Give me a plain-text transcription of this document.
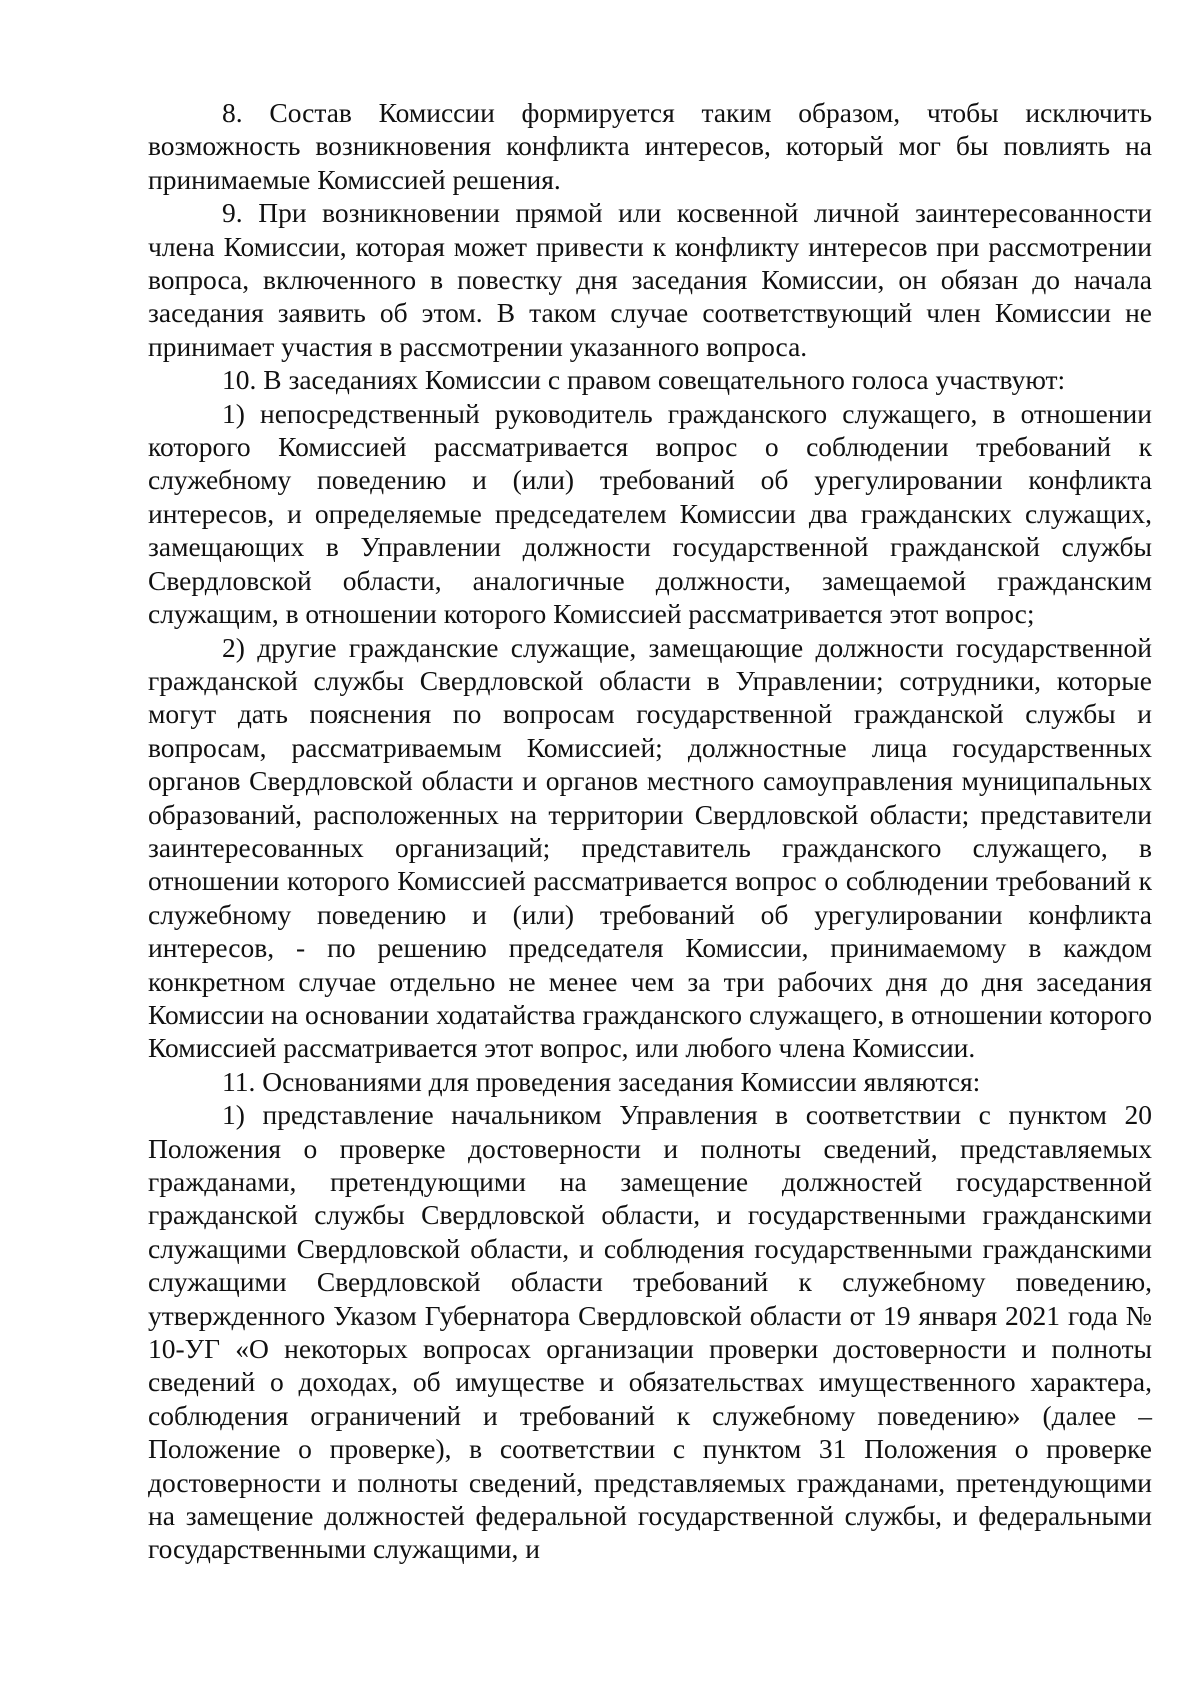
8. Состав Комиссии формируется таким образом, чтобы исключить возможность возникновения конфликта интересов, который мог бы повлиять на принимаемые Комиссией решения.

9. При возникновении прямой или косвенной личной заинтересованности члена Комиссии, которая может привести к конфликту интересов при рассмотрении вопроса, включенного в повестку дня заседания Комиссии, он обязан до начала заседания заявить об этом. В таком случае соответствующий член Комиссии не принимает участия в рассмотрении указанного вопроса.

10. В заседаниях Комиссии с правом совещательного голоса участвуют:

1) непосредственный руководитель гражданского служащего, в отношении которого Комиссией рассматривается вопрос о соблюдении требований к служебному поведению и (или) требований об урегулировании конфликта интересов, и определяемые председателем Комиссии два гражданских служащих, замещающих в Управлении должности государственной гражданской службы Свердловской области, аналогичные должности, замещаемой гражданским служащим, в отношении которого Комиссией рассматривается этот вопрос;

2) другие гражданские служащие, замещающие должности государственной гражданской службы Свердловской области в Управлении; сотрудники, которые могут дать пояснения по вопросам государственной гражданской службы и вопросам, рассматриваемым Комиссией; должностные лица государственных органов Свердловской области и органов местного самоуправления муниципальных образований, расположенных на территории Свердловской области; представители заинтересованных организаций; представитель гражданского служащего, в отношении которого Комиссией рассматривается вопрос о соблюдении требований к служебному поведению и (или) требований об урегулировании конфликта интересов, - по решению председателя Комиссии, принимаемому в каждом конкретном случае отдельно не менее чем за три рабочих дня до дня заседания Комиссии на основании ходатайства гражданского служащего, в отношении которого Комиссией рассматривается этот вопрос, или любого члена Комиссии.

11. Основаниями для проведения заседания Комиссии являются:

1) представление начальником Управления в соответствии с пунктом 20 Положения о проверке достоверности и полноты сведений, представляемых гражданами, претендующими на замещение должностей государственной гражданской службы Свердловской области, и государственными гражданскими служащими Свердловской области, и соблюдения государственными гражданскими служащими Свердловской области требований к служебному поведению, утвержденного Указом Губернатора Свердловской области от 19 января 2021 года № 10-УГ «О некоторых вопросах организации проверки достоверности и полноты сведений о доходах, об имуществе и обязательствах имущественного характера, соблюдения ограничений и требований к служебному поведению» (далее – Положение о проверке), в соответствии с пунктом 31 Положения о проверке достоверности и полноты сведений, представляемых гражданами, претендующими на замещение должностей федеральной государственной службы, и федеральными государственными служащими, и
